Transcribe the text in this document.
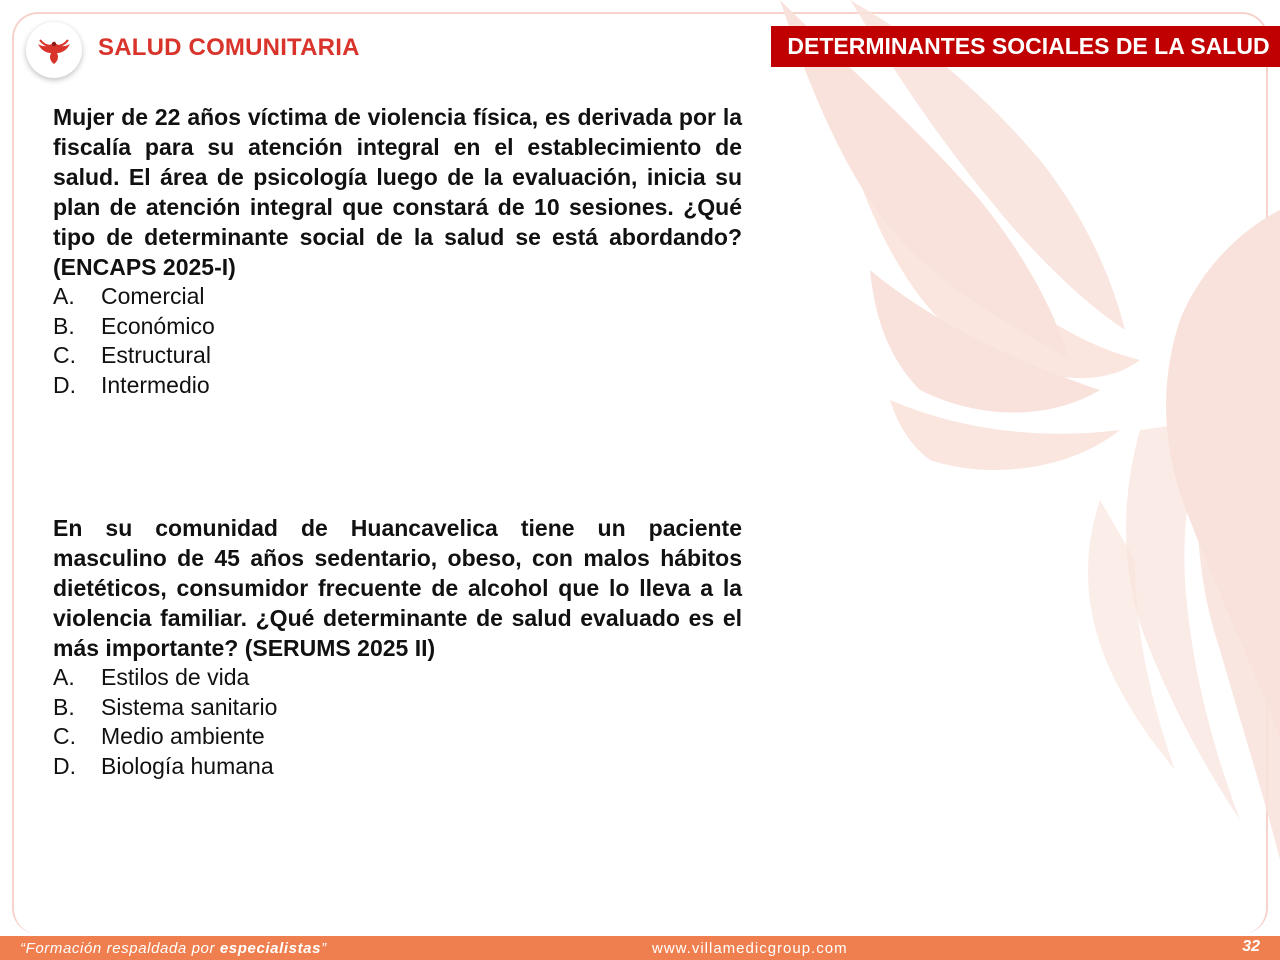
SALUD COMUNITARIA	DETERMINANTES SOCIALES DE LA SALUD

Mujer de 22 años víctima de violencia física, es derivada por la fiscalía para su atención integral en el establecimiento de salud. El área de psicología luego de la evaluación, inicia su plan de atención integral que constará de 10 sesiones. ¿Qué tipo de determinante social de la salud se está abordando? (ENCAPS 2025-I)

A.	Comercial
B.	Económico
C.	Estructural
D.	Intermedio

En su comunidad de Huancavelica tiene un paciente masculino de 45 años sedentario, obeso, con malos hábitos dietéticos, consumidor frecuente de alcohol que lo lleva a la violencia familiar. ¿Qué determinante de salud evaluado es el más importante? (SERUMS 2025 II)

A.	Estilos de vida
B.	Sistema sanitario
C.	Medio ambiente
D.	Biología humana
“Formación respaldada por especialistas”	www.villamedicgroup.com	32
